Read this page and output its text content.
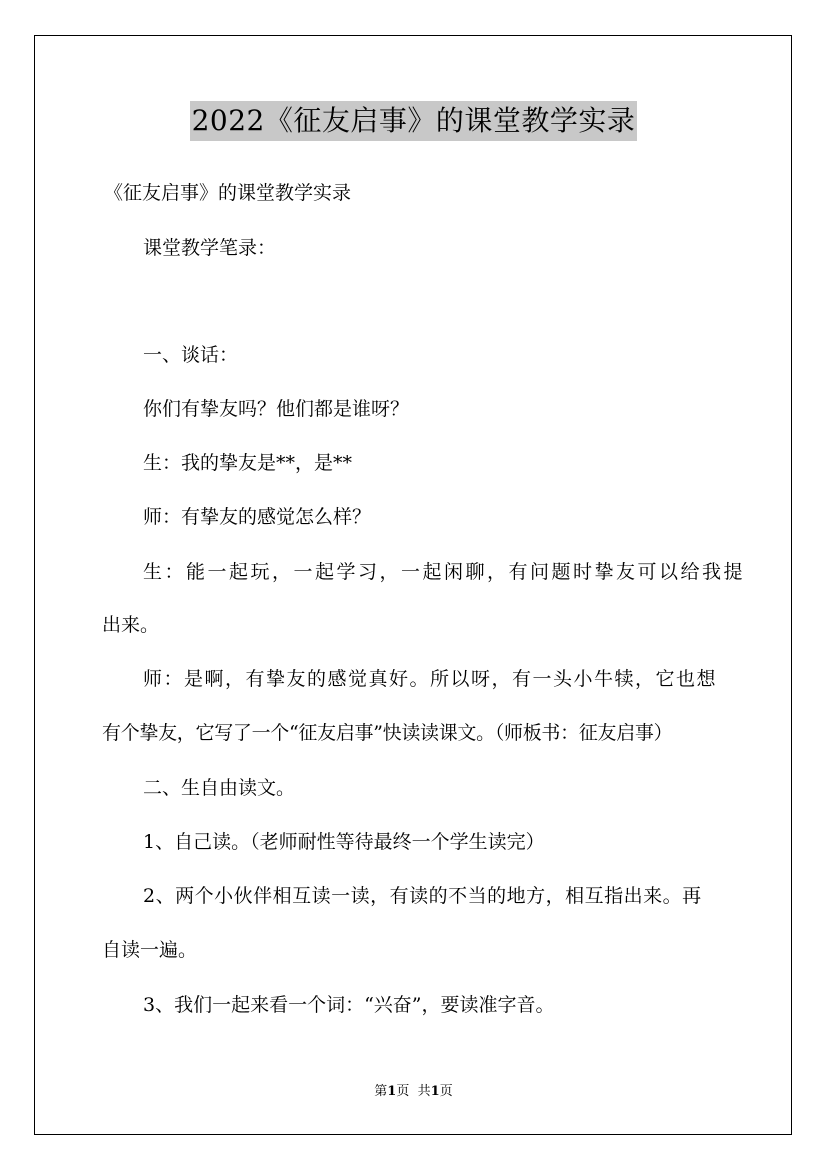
2022《征友启事》的课堂教学实录
《征友启事》的课堂教学实录
课堂教学笔录：
一、谈话：
你们有挚友吗？他们都是谁呀？
生：我的挚友是**，是**
师：有挚友的感觉怎么样？
生：能一起玩，一起学习，一起闲聊，有问题时挚友可以给我提
出来。
师：是啊，有挚友的感觉真好。所以呀，有一头小牛犊，它也想
有个挚友，它写了一个“征友启事”快读读课文。（师板书：征友启事）
二、生自由读文。
1、自己读。（老师耐性等待最终一个学生读完）
2、两个小伙伴相互读一读，有读的不当的地方，相互指出来。再
自读一遍。
3、我们一起来看一个词：“兴奋”，要读准字音。
第1页 共1页
